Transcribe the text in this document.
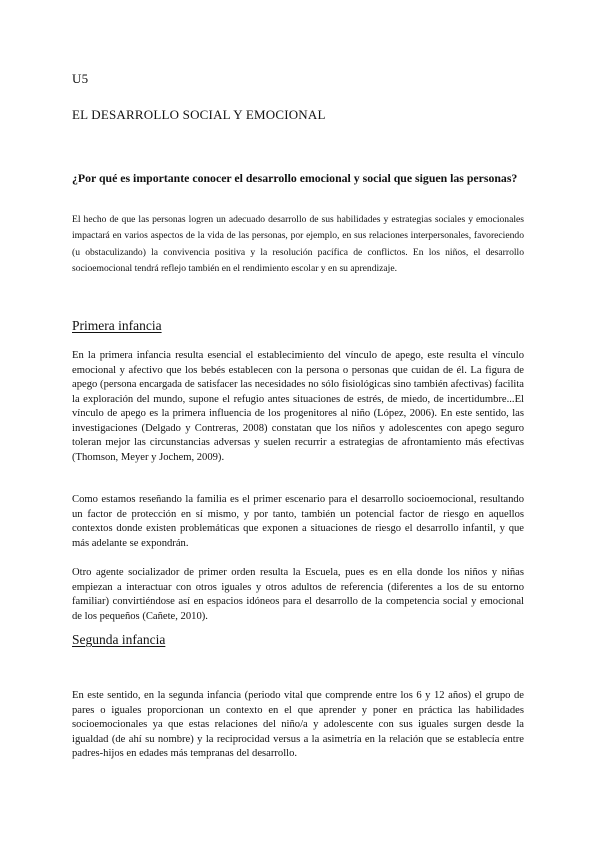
U5
EL DESARROLLO SOCIAL Y EMOCIONAL
¿Por qué es importante conocer el desarrollo emocional y social que siguen las personas?
El hecho de que las personas logren un adecuado desarrollo de sus habilidades y estrategias sociales y emocionales impactará en varios aspectos de la vida de las personas, por ejemplo, en sus relaciones interpersonales, favoreciendo (u obstaculizando) la convivencia positiva y la resolución pacífica de conflictos. En los niños, el desarrollo socioemocional tendrá reflejo también en el rendimiento escolar y en su aprendizaje.
Primera infancia
En la primera infancia resulta esencial el establecimiento del vínculo de apego, este resulta el vínculo emocional y afectivo que los bebés establecen con la persona o personas que cuidan de él. La figura de apego (persona encargada de satisfacer las necesidades no sólo fisiológicas sino también afectivas) facilita la exploración del mundo, supone el refugio antes situaciones de estrés, de miedo, de incertidumbre...El vínculo de apego es la primera influencia de los progenitores al niño (López, 2006). En este sentido, las investigaciones (Delgado y Contreras, 2008) constatan que los niños y adolescentes con apego seguro toleran mejor las circunstancias adversas y suelen recurrir a estrategias de afrontamiento más efectivas (Thomson, Meyer y Jochem, 2009).
Como estamos reseñando la familia es el primer escenario para el desarrollo socioemocional, resultando un factor de protección en sí mismo, y por tanto, también un potencial factor de riesgo en aquellos contextos donde existen problemáticas que exponen a situaciones de riesgo el desarrollo infantil, y que más adelante se expondrán.
Otro agente socializador de primer orden resulta la Escuela, pues es en ella donde los niños y niñas empiezan a interactuar con otros iguales y otros adultos de referencia (diferentes a los de su entorno familiar) convirtiéndose así en espacios idóneos para el desarrollo de la competencia social y emocional de los pequeños (Cañete, 2010).
Segunda infancia
En este sentido, en la segunda infancia (periodo vital que comprende entre los 6 y 12 años) el grupo de pares o iguales proporcionan un contexto en el que aprender y poner en práctica las habilidades socioemocionales ya que estas relaciones del niño/a y adolescente con sus iguales surgen desde la igualdad (de ahí su nombre) y la reciprocidad versus a la asimetría en la relación que se establecía entre padres-hijos en edades más tempranas del desarrollo.
